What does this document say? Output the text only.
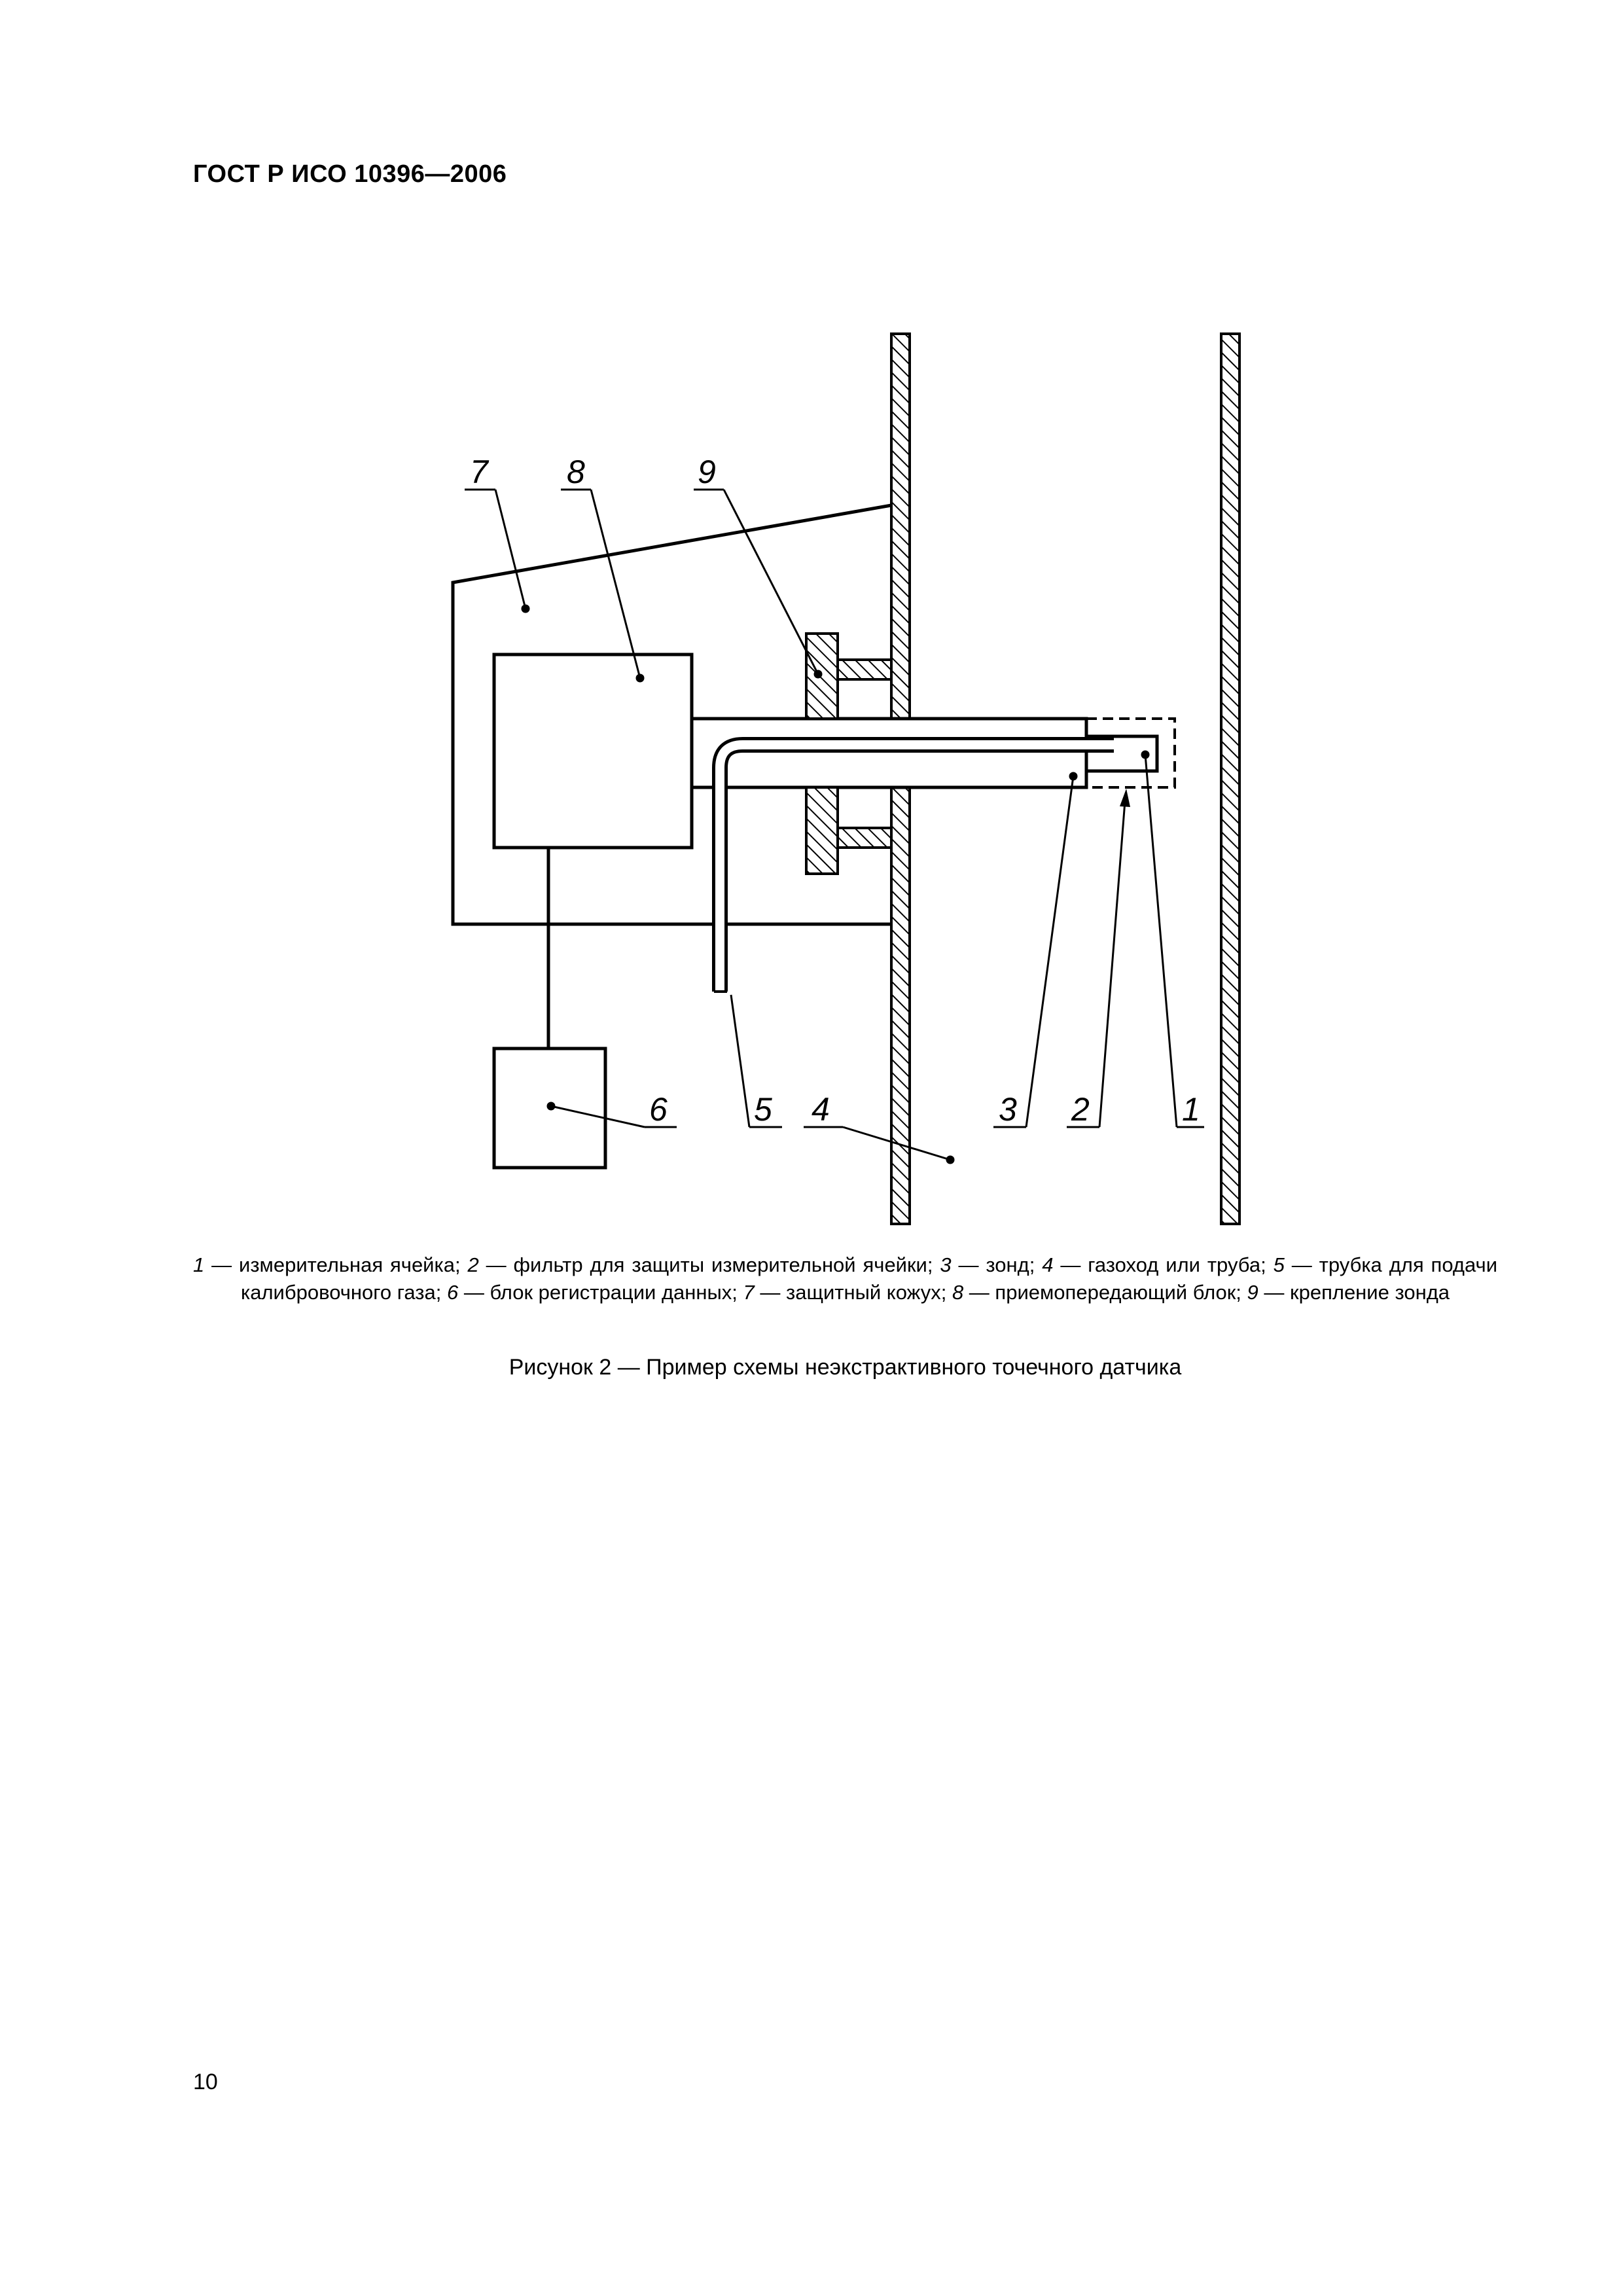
ГОСТ Р ИСО 10396—2006
7 8	9
6	5 4	3 2	1
1 — измерительная ячейка; 2 — фильтр для защиты измерительной ячейки; 3 — зонд; 4 — газоход или труба; 5 — трубка для подачи калибровочного газа; 6 — блок регистрации данных; 7 — защитный кожух; 8 — приемопередающий блок; 9 — крепление зонда
Рисунок 2 — Пример схемы неэкстрактивного точечного датчика
10
